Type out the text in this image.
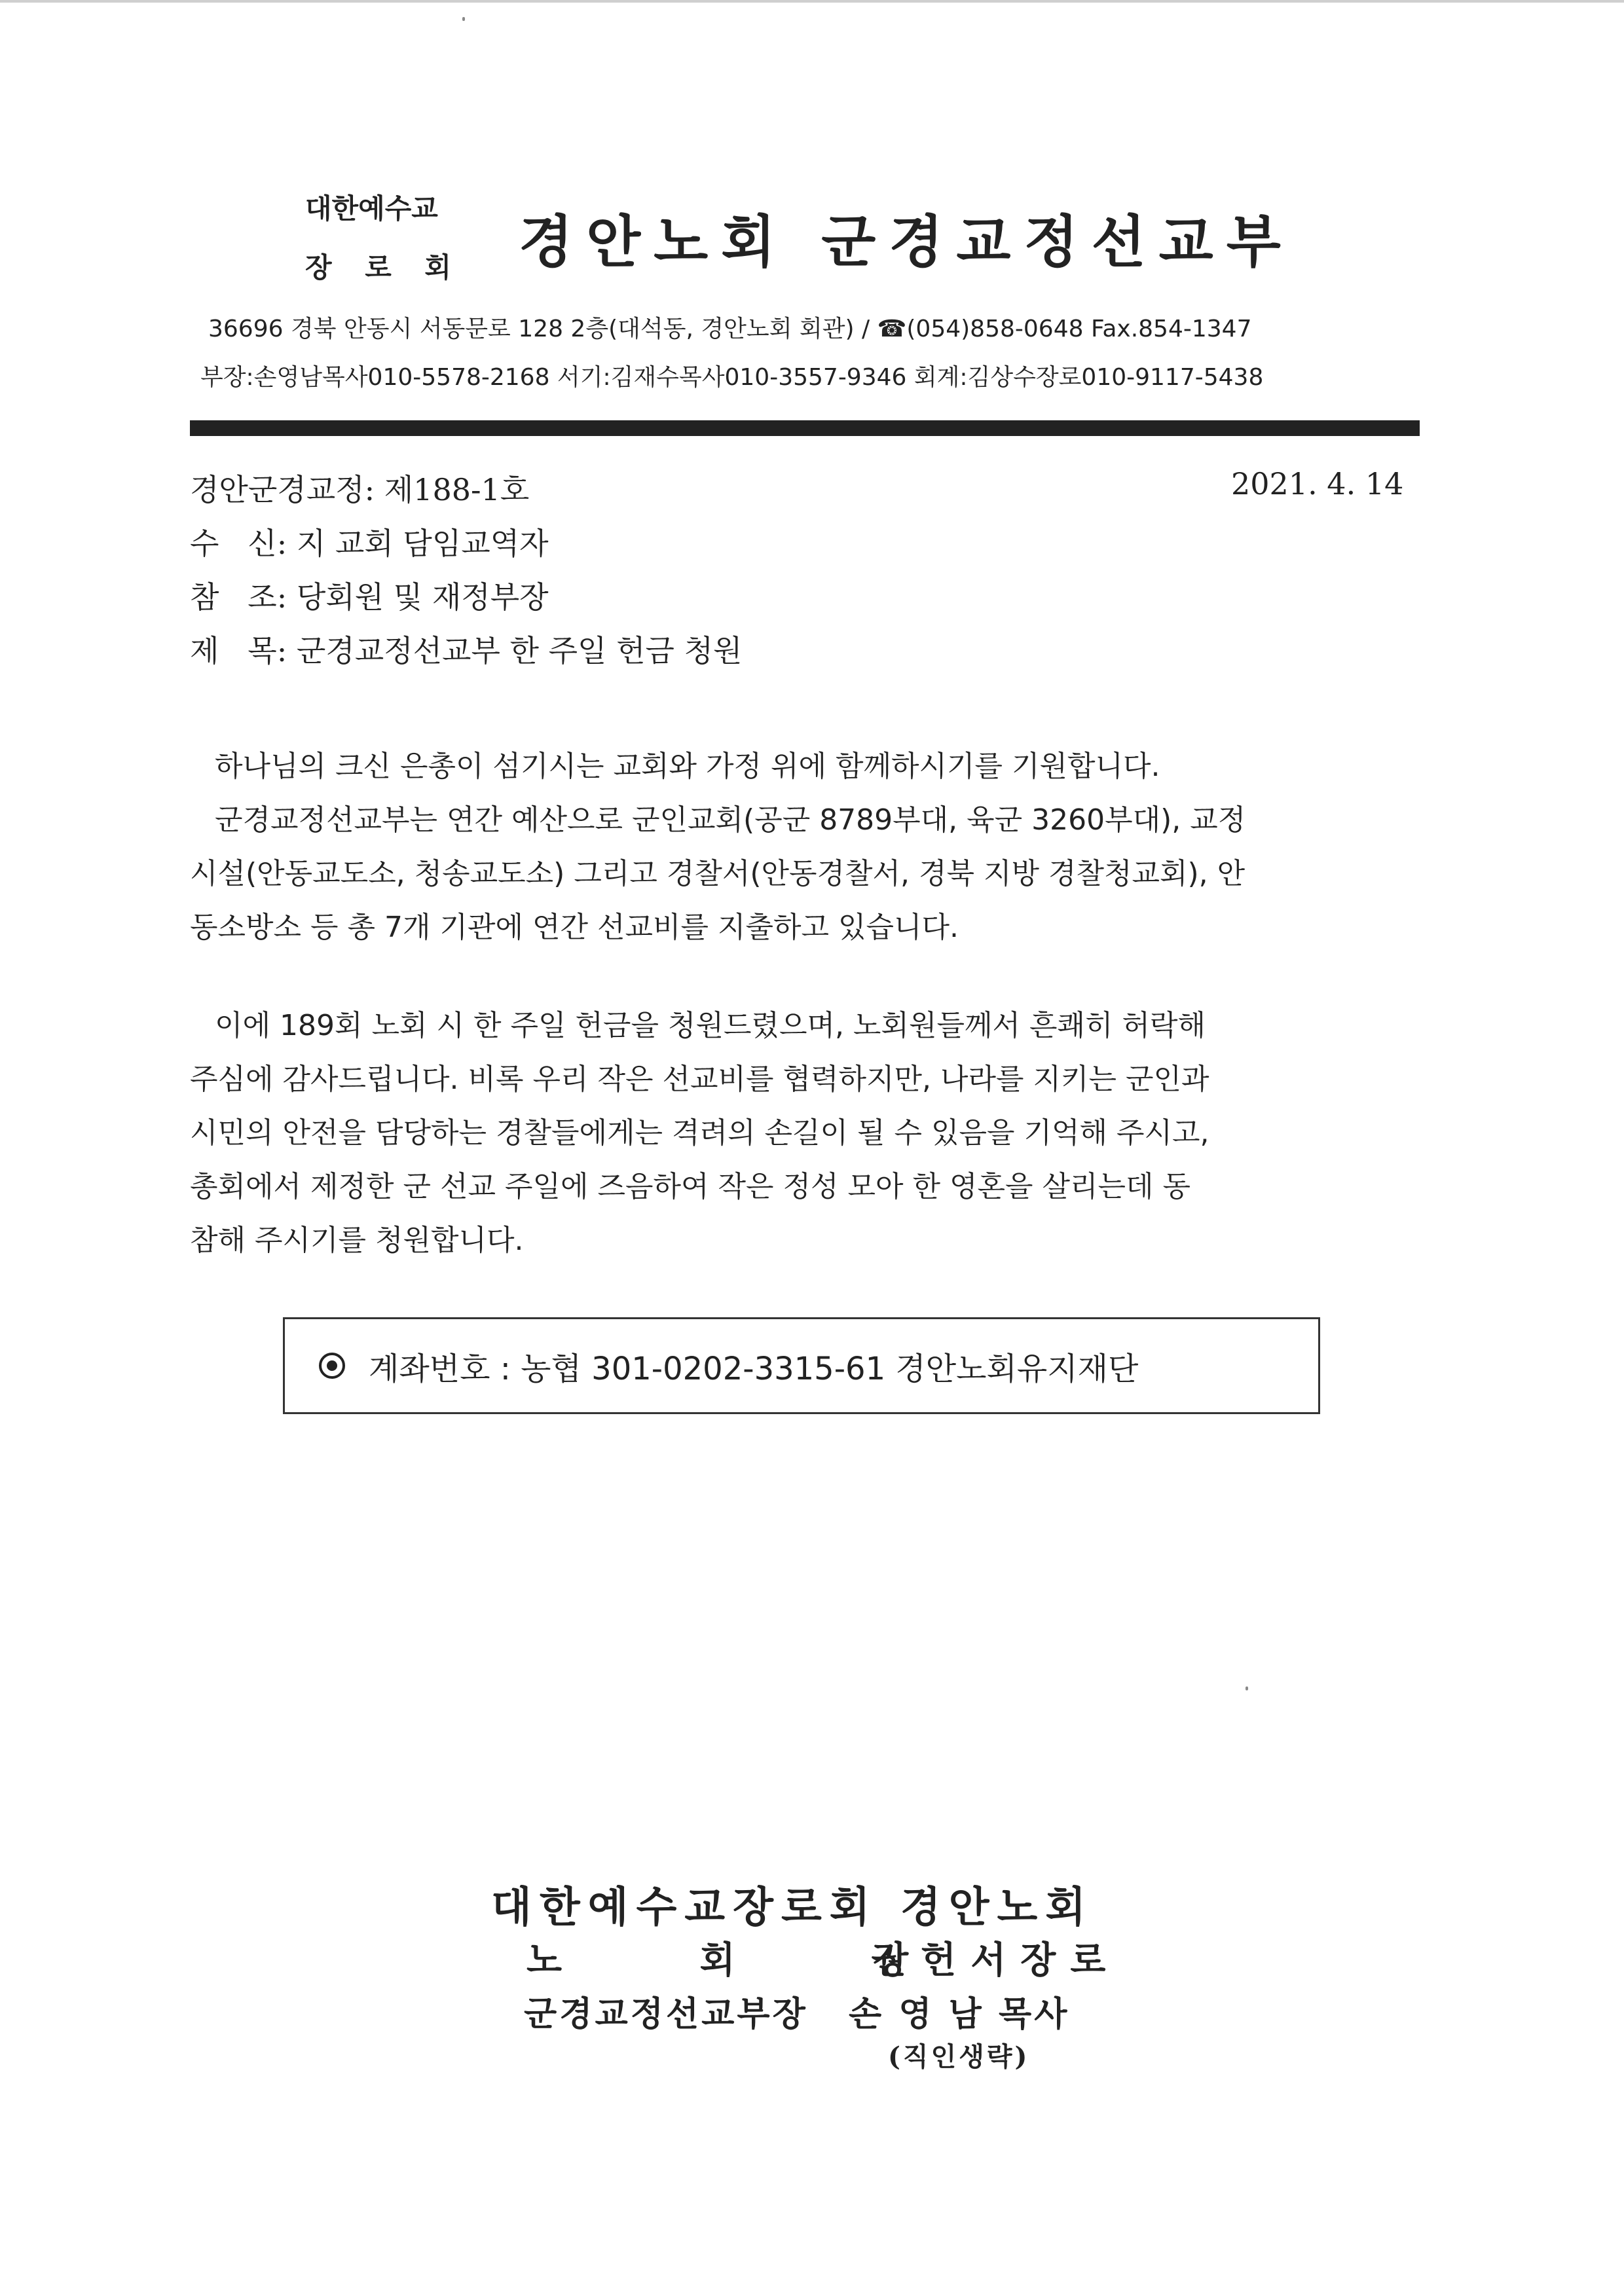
대한예수교
장 로 회 경안노회 군경교정선교부
36696 경북 안동시 서동문로 128 2층(대석동, 경안노회 회관) / ☎(054)858-0648 Fax.854-1347
부장:손영남목사010-5578-2168 서기:김재수목사010-3557-9346 회계:김상수장로010-9117-5438
경안군경교정: 제188-1호	2021. 4. 14
수   신: 지 교회 담임교역자
참   조: 당회원 및 재정부장
제   목: 군경교정선교부 한 주일 헌금 청원
하나님의 크신 은총이 섬기시는 교회와 가정 위에 함께하시기를 기원합니다.
군경교정선교부는 연간 예산으로 군인교회(공군 8789부대, 육군 3260부대), 교정
시설(안동교도소, 청송교도소) 그리고 경찰서(안동경찰서, 경북 지방 경찰청교회), 안
동소방소 등 총 7개 기관에 연간 선교비를 지출하고 있습니다.
이에 189회 노회 시 한 주일 헌금을 청원드렸으며, 노회원들께서 흔쾌히 허락해
주심에 감사드립니다. 비록 우리 작은 선교비를 협력하지만, 나라를 지키는 군인과
시민의 안전을 담당하는 경찰들에게는 격려의 손길이 될 수 있음을 기억해 주시고,
총회에서 제정한 군 선교 주일에 즈음하여 작은 정성 모아 한 영혼을 살리는데 동
참해 주시기를 청원합니다.
계좌번호 : 농협 301-0202-3315-61 경안노회유지재단
대한예수교장로회 경안노회
노   회   장
권헌서장로
군경교정선교부장 손 영 남 목사
(직인생략)
